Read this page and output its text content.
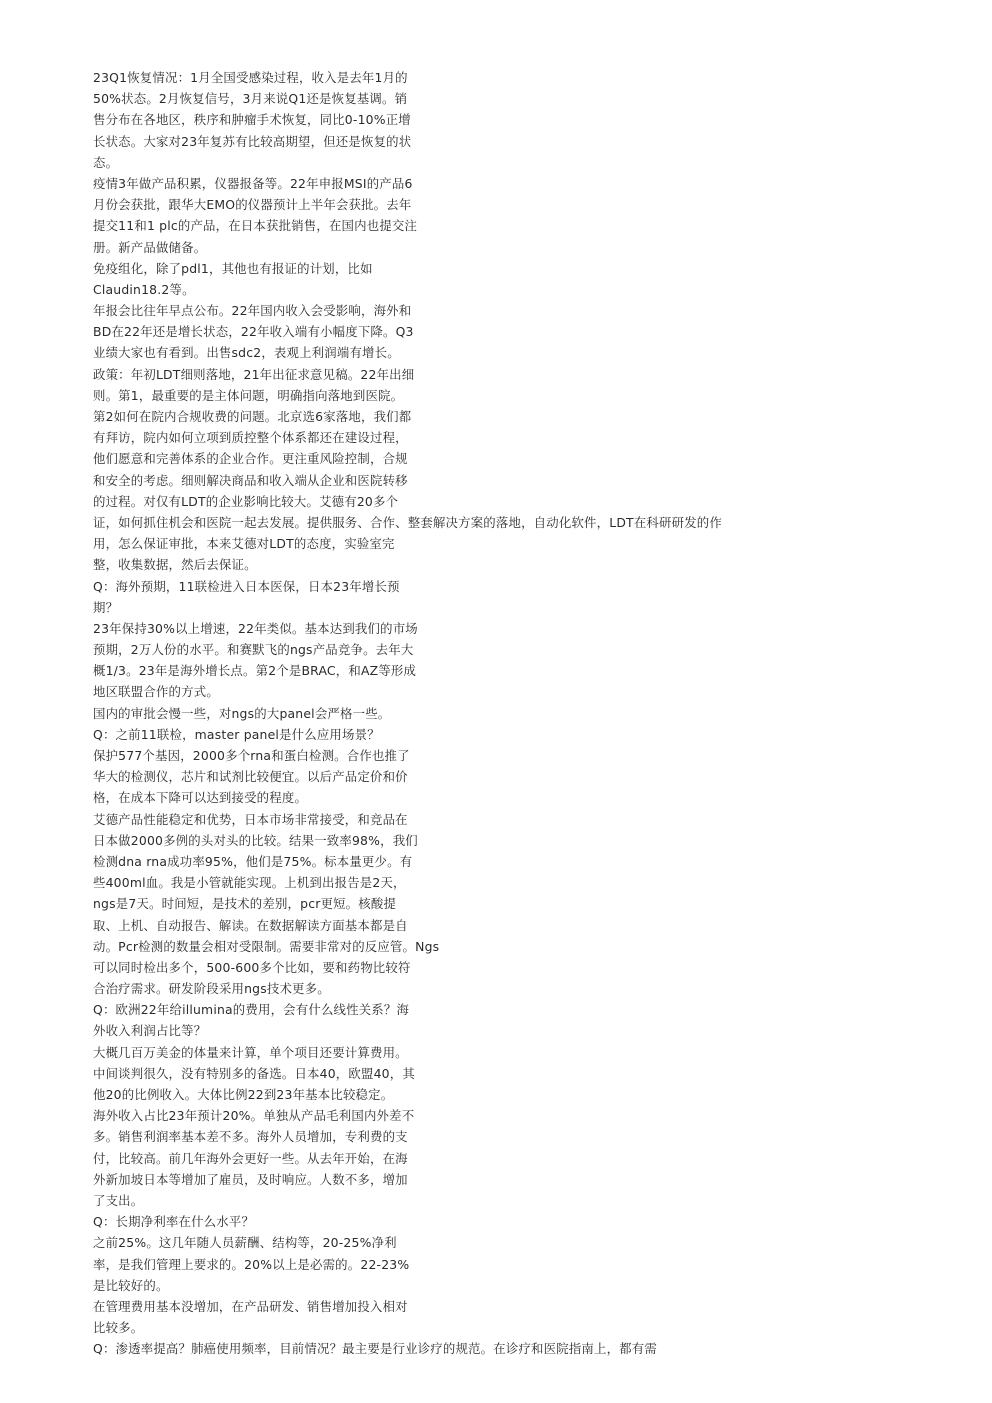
23Q1恢复情况：1月全国受感染过程，收入是去年1月的
50%状态。2月恢复信号，3月来说Q1还是恢复基调。销
售分布在各地区，秩序和肿瘤手术恢复，同比0-10%正增
长状态。大家对23年复苏有比较高期望，但还是恢复的状
态。
疫情3年做产品积累，仪器报备等。22年申报MSI的产品6
月份会获批，跟华大EMO的仪器预计上半年会获批。去年
提交11和1 plc的产品，在日本获批销售，在国内也提交注
册。新产品做储备。
免疫组化，除了pdl1，其他也有报证的计划，比如
Claudin18.2等。
年报会比往年早点公布。22年国内收入会受影响，海外和
BD在22年还是增长状态，22年收入端有小幅度下降。Q3
业绩大家也有看到。出售sdc2，表观上利润端有增长。
政策：年初LDT细则落地，21年出征求意见稿。22年出细
则。第1，最重要的是主体问题，明确指向落地到医院。
第2如何在院内合规收费的问题。北京选6家落地，我们都
有拜访，院内如何立项到质控整个体系都还在建设过程，
他们愿意和完善体系的企业合作。更注重风险控制，合规
和安全的考虑。细则解决商品和收入端从企业和医院转移
的过程。对仅有LDT的企业影响比较大。艾德有20多个
证，如何抓住机会和医院一起去发展。提供服务、合作、整套解决方案的落地，自动化软件，LDT在科研研发的作
用，怎么保证审批，本来艾德对LDT的态度，实验室完
整，收集数据，然后去保证。
Q：海外预期，11联检进入日本医保，日本23年增长预
期？
23年保持30%以上增速，22年类似。基本达到我们的市场
预期，2万人份的水平。和赛默飞的ngs产品竞争。去年大
概1/3。23年是海外增长点。第2个是BRAC，和AZ等形成
地区联盟合作的方式。
国内的审批会慢一些，对ngs的大panel会严格一些。
Q：之前11联检，master panel是什么应用场景？
保护577个基因，2000多个rna和蛋白检测。合作也推了
华大的检测仪，芯片和试剂比较便宜。以后产品定价和价
格，在成本下降可以达到接受的程度。
艾德产品性能稳定和优势，日本市场非常接受，和竞品在
日本做2000多例的头对头的比较。结果一致率98%，我们
检测dna rna成功率95%，他们是75%。标本量更少。有
些400ml血。我是小管就能实现。上机到出报告是2天，
ngs是7天。时间短，是技术的差别，pcr更短。核酸提
取、上机、自动报告、解读。在数据解读方面基本都是自
动。Pcr检测的数量会相对受限制。需要非常对的反应管。Ngs
可以同时检出多个，500-600多个比如，要和药物比较符
合治疗需求。研发阶段采用ngs技术更多。
Q：欧洲22年给illumina的费用，会有什么线性关系？海
外收入利润占比等？
大概几百万美金的体量来计算，单个项目还要计算费用。
中间谈判很久，没有特别多的备选。日本40，欧盟40，其
他20的比例收入。大体比例22到23年基本比较稳定。
海外收入占比23年预计20%。单独从产品毛利国内外差不
多。销售利润率基本差不多。海外人员增加，专利费的支
付，比较高。前几年海外会更好一些。从去年开始，在海
外新加坡日本等增加了雇员，及时响应。人数不多，增加
了支出。
Q：长期净利率在什么水平？
之前25%。这几年随人员薪酬、结构等，20-25%净利
率，是我们管理上要求的。20%以上是必需的。22-23%
是比较好的。
在管理费用基本没增加，在产品研发、销售增加投入相对
比较多。
Q：渗透率提高？肺癌使用频率，目前情况？最主要是行业诊疗的规范。在诊疗和医院指南上，都有需
